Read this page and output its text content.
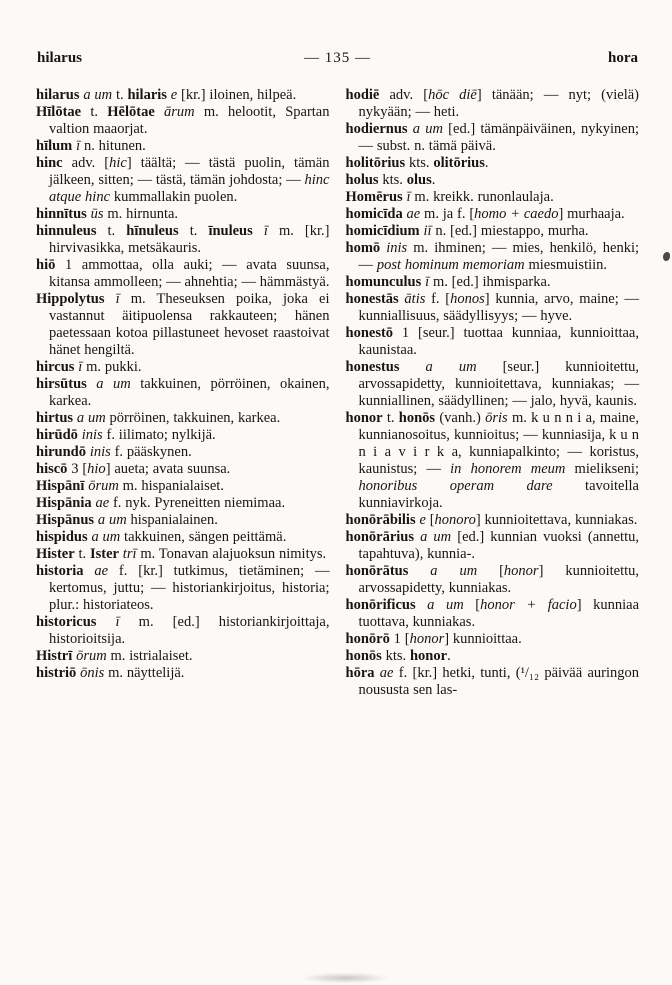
hilarus	— 135 —	hora

hilarus a um t. hilaris e [kr.] iloinen, hilpeä.

Hīlōtae t. Hēlōtae ārum m. helootit, Spartan valtion maaorjat.

hīlum ī n. hitunen.

hinc adv. [hic] täältä; — tästä puolin, tämän jälkeen, sitten; — tästä, tämän johdosta; — hinc atque hinc kummallakin puolen.

hinnītus ūs m. hirnunta.

hinnuleus t. hīnuleus t. īnuleus ī m. [kr.] hirvivasikka, metsäkauris.

hiō 1 ammottaa, olla auki; — avata suunsa, kitansa ammolleen; — ahnehtia; — hämmästyä.

Hippolytus ī m. Theseuksen poika, joka ei vastannut äitipuolensa rakkauteen; hänen paetessaan kotoa pillastuneet hevoset raastoivat hänet hengiltä.

hircus ī m. pukki.

hirsūtus a um takkuinen, pörröinen, okainen, karkea.

hirtus a um pörröinen, takkuinen, karkea.

hirūdō inis f. iilimato; nylkijä.

hirundō inis f. pääskynen.

hiscō 3 [hio] aueta; avata suunsa.

Hispānī ōrum m. hispanialaiset.

Hispānia ae f. nyk. Pyreneitten niemimaa.

Hispānus a um hispanialainen.

hispidus a um takkuinen, sängen peittämä.

Hister t. Ister trī m. Tonavan alajuoksun nimitys.

historia ae f. [kr.] tutkimus, tietäminen; — kertomus, juttu; — historiankirjoitus, historia; plur.: historiateos.

historicus ī m. [ed.] historiankirjoittaja, historioitsija.

Histrī ōrum m. istrialaiset.

histriō ōnis m. näyttelijä.

hodiē adv. [hōc diē] tänään; — nyt; (vielä) nykyään; — heti.

hodiernus a um [ed.] tämänpäiväinen, nykyinen; — subst. n. tämä päivä.

holitōrius kts. olitōrius.

holus kts. olus.

Homērus ī m. kreikk. runonlaulaja.

homicīda ae m. ja f. [homo + caedo] murhaaja.

homicīdium iī n. [ed.] miestappo, murha.

homō inis m. ihminen; — mies, henkilö, henki; — post hominum memoriam miesmuistiin.

homunculus ī m. [ed.] ihmisparka.

honestās ātis f. [honos] kunnia, arvo, maine; — kunniallisuus, säädyllisyys; — hyve.

honestō 1 [seur.] tuottaa kunniaa, kunnioittaa, kaunistaa.

honestus a um [seur.] kunnioitettu, arvossapidetty, kunnioitettava, kunniakas; — kunniallinen, säädyllinen; — jalo, hyvä, kaunis.

honor t. honōs (vanh.) ōris m. k u n n i a, maine, kunnianosoitus, kunnioitus; — kunniasija, k u n n i a v i r k a, kunniapalkinto; — koristus, kaunistus; — in honorem meum mielikseni; honoribus operam dare tavoitella kunniavirkoja.

honōrābilis e [honoro] kunnioitettava, kunniakas.

honōrārius a um [ed.] kunnian vuoksi (annettu, tapahtuva), kunnia-.

honōrātus a um [honor] kunnioitettu, arvossapidetty, kunniakas.

honōrificus a um [honor + facio] kunniaa tuottava, kunniakas.

honōrō 1 [honor] kunnioittaa.

honōs kts. honor.

hōra ae f. [kr.] hetki, tunti, (¹/₁₂ päivää auringon noususta sen las-
